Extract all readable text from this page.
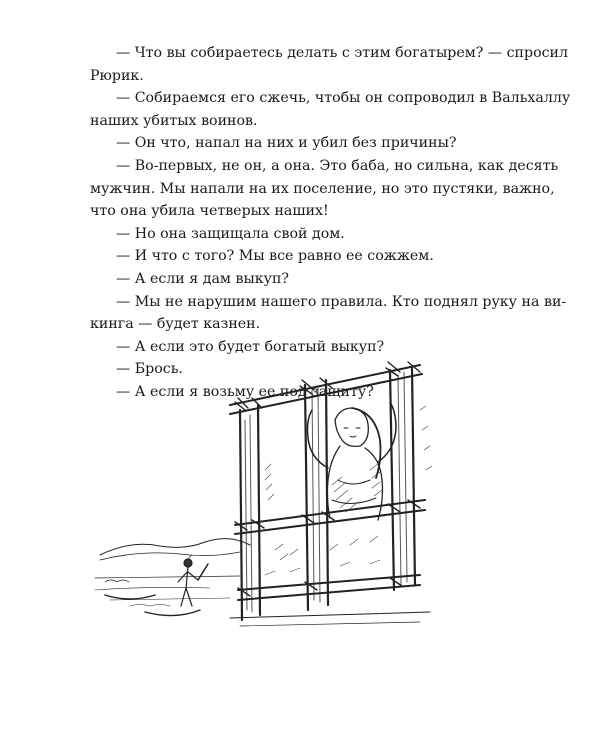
— Что вы собираетесь делать с этим богатырем? — спросил
Рюрик.
— Собираемся его сжечь, чтобы он сопроводил в Вальхаллу
наших убитых воинов.
— Он что, напал на них и убил без причины?
— Во-первых, не он, а она. Это баба, но сильна, как десять
мужчин. Мы напали на их поселение, но это пустяки, важно,
что она убила четверых наших!
— Но она защищала свой дом.
— И что с того? Мы все равно ее сожжем.
— А если я дам выкуп?
— Мы не нарушим нашего правила. Кто поднял руку на ви-
кинга — будет казнен.
— А если это будет богатый выкуп?
— Брось.
— А если я возьму ее под защиту?
